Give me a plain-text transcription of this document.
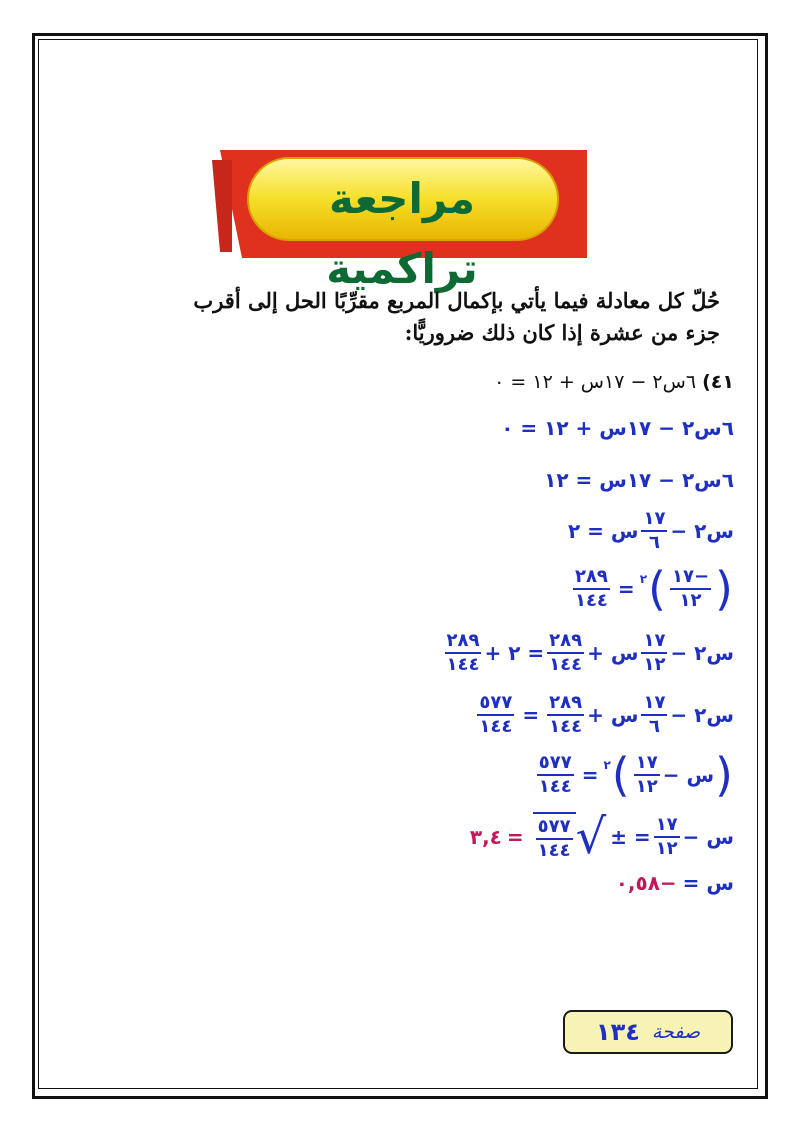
مراجعة تراكمية
حُلّ كل معادلة فيما يأتي بإكمال المربع مقرِّبًا الحل إلى أقرب
جزء من عشرة إذا كان ذلك ضروريًّا:
٤١) ٦س٢ − ١٧س + ١٢ = ٠
٦س٢ − ١٧س + ١٢ = ٠
٦س٢ − ١٧س = ١٢
س٢ −
$\frac{١٧}{٦}$
س = ٢
(
$\frac{-١٧}{١٢}$
)
٢
=
$\frac{٢٨٩}{١٤٤}$
س٢ −
$\frac{١٧}{١٢}$
س +
$\frac{٢٨٩}{١٤٤}$
= ٢ +
$\frac{٢٨٩}{١٤٤}$
س٢ −
$\frac{١٧}{٦}$
س +
$\frac{٢٨٩}{١٤٤}$
=
$\frac{٥٧٧}{١٤٤}$
(
س −
$\frac{١٧}{١٢}$
)
٢
=
$\frac{٥٧٧}{١٤٤}$
س −
$\frac{١٧}{١٢}$
= ±
√
$\frac{٥٧٧}{١٤٤}$
=
٣,٤
س =
−٠,٥٨
صفحة
١٣٤
